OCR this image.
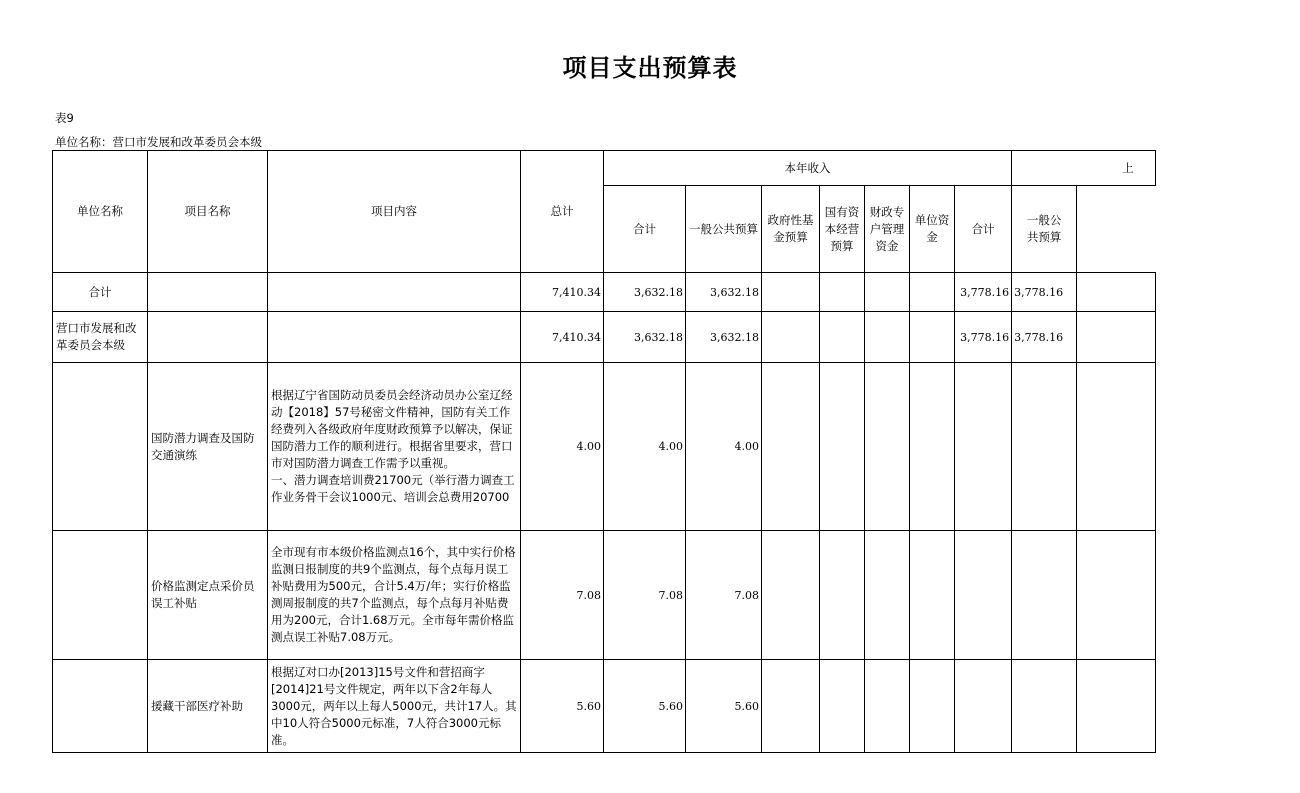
项目支出预算表
表9
单位名称：营口市发展和改革委员会本级
单位名称	项目名称	项目内容	总计	本年收入							上	
				合计	一般公共预算	政府性基金预算	国有资本经营预算	财政专户管理资金	单位资金	合计	一般公共预算	
合计			7,410.34	3,632.18	3,632.18					3,778.16	3,778.16	
营口市发展和改革委员会本级			7,410.34	3,632.18	3,632.18					3,778.16	3,778.16	
	国防潜力调查及国防交通演练	根据辽宁省国防动员委员会经济动员办公室辽经动【2018】57号秘密文件精神，国防有关工作经费列入各级政府年度财政预算予以解决，保证国防潜力工作的顺利进行。根据省里要求，营口市对国防潜力调查工作需予以重视。
一、潜力调查培训费21700元（举行潜力调查工作业务骨干会议1000元、培训会总费用20700	4.00	4.00	4.00							
	价格监测定点采价员误工补贴	全市现有市本级价格监测点16个，其中实行价格监测日报制度的共9个监测点，每个点每月误工补贴费用为500元，合计5.4万/年；实行价格监测周报制度的共7个监测点，每个点每月补贴费用为200元，合计1.68万元。全市每年需价格监测点误工补贴7.08万元。	7.08	7.08	7.08							
	援藏干部医疗补助	根据辽对口办[2013]15号文件和营招商字[2014]21号文件规定，两年以下含2年每人3000元，两年以上每人5000元，共计17人。其中10人符合5000元标准，7人符合3000元标准。	5.60	5.60	5.60							
